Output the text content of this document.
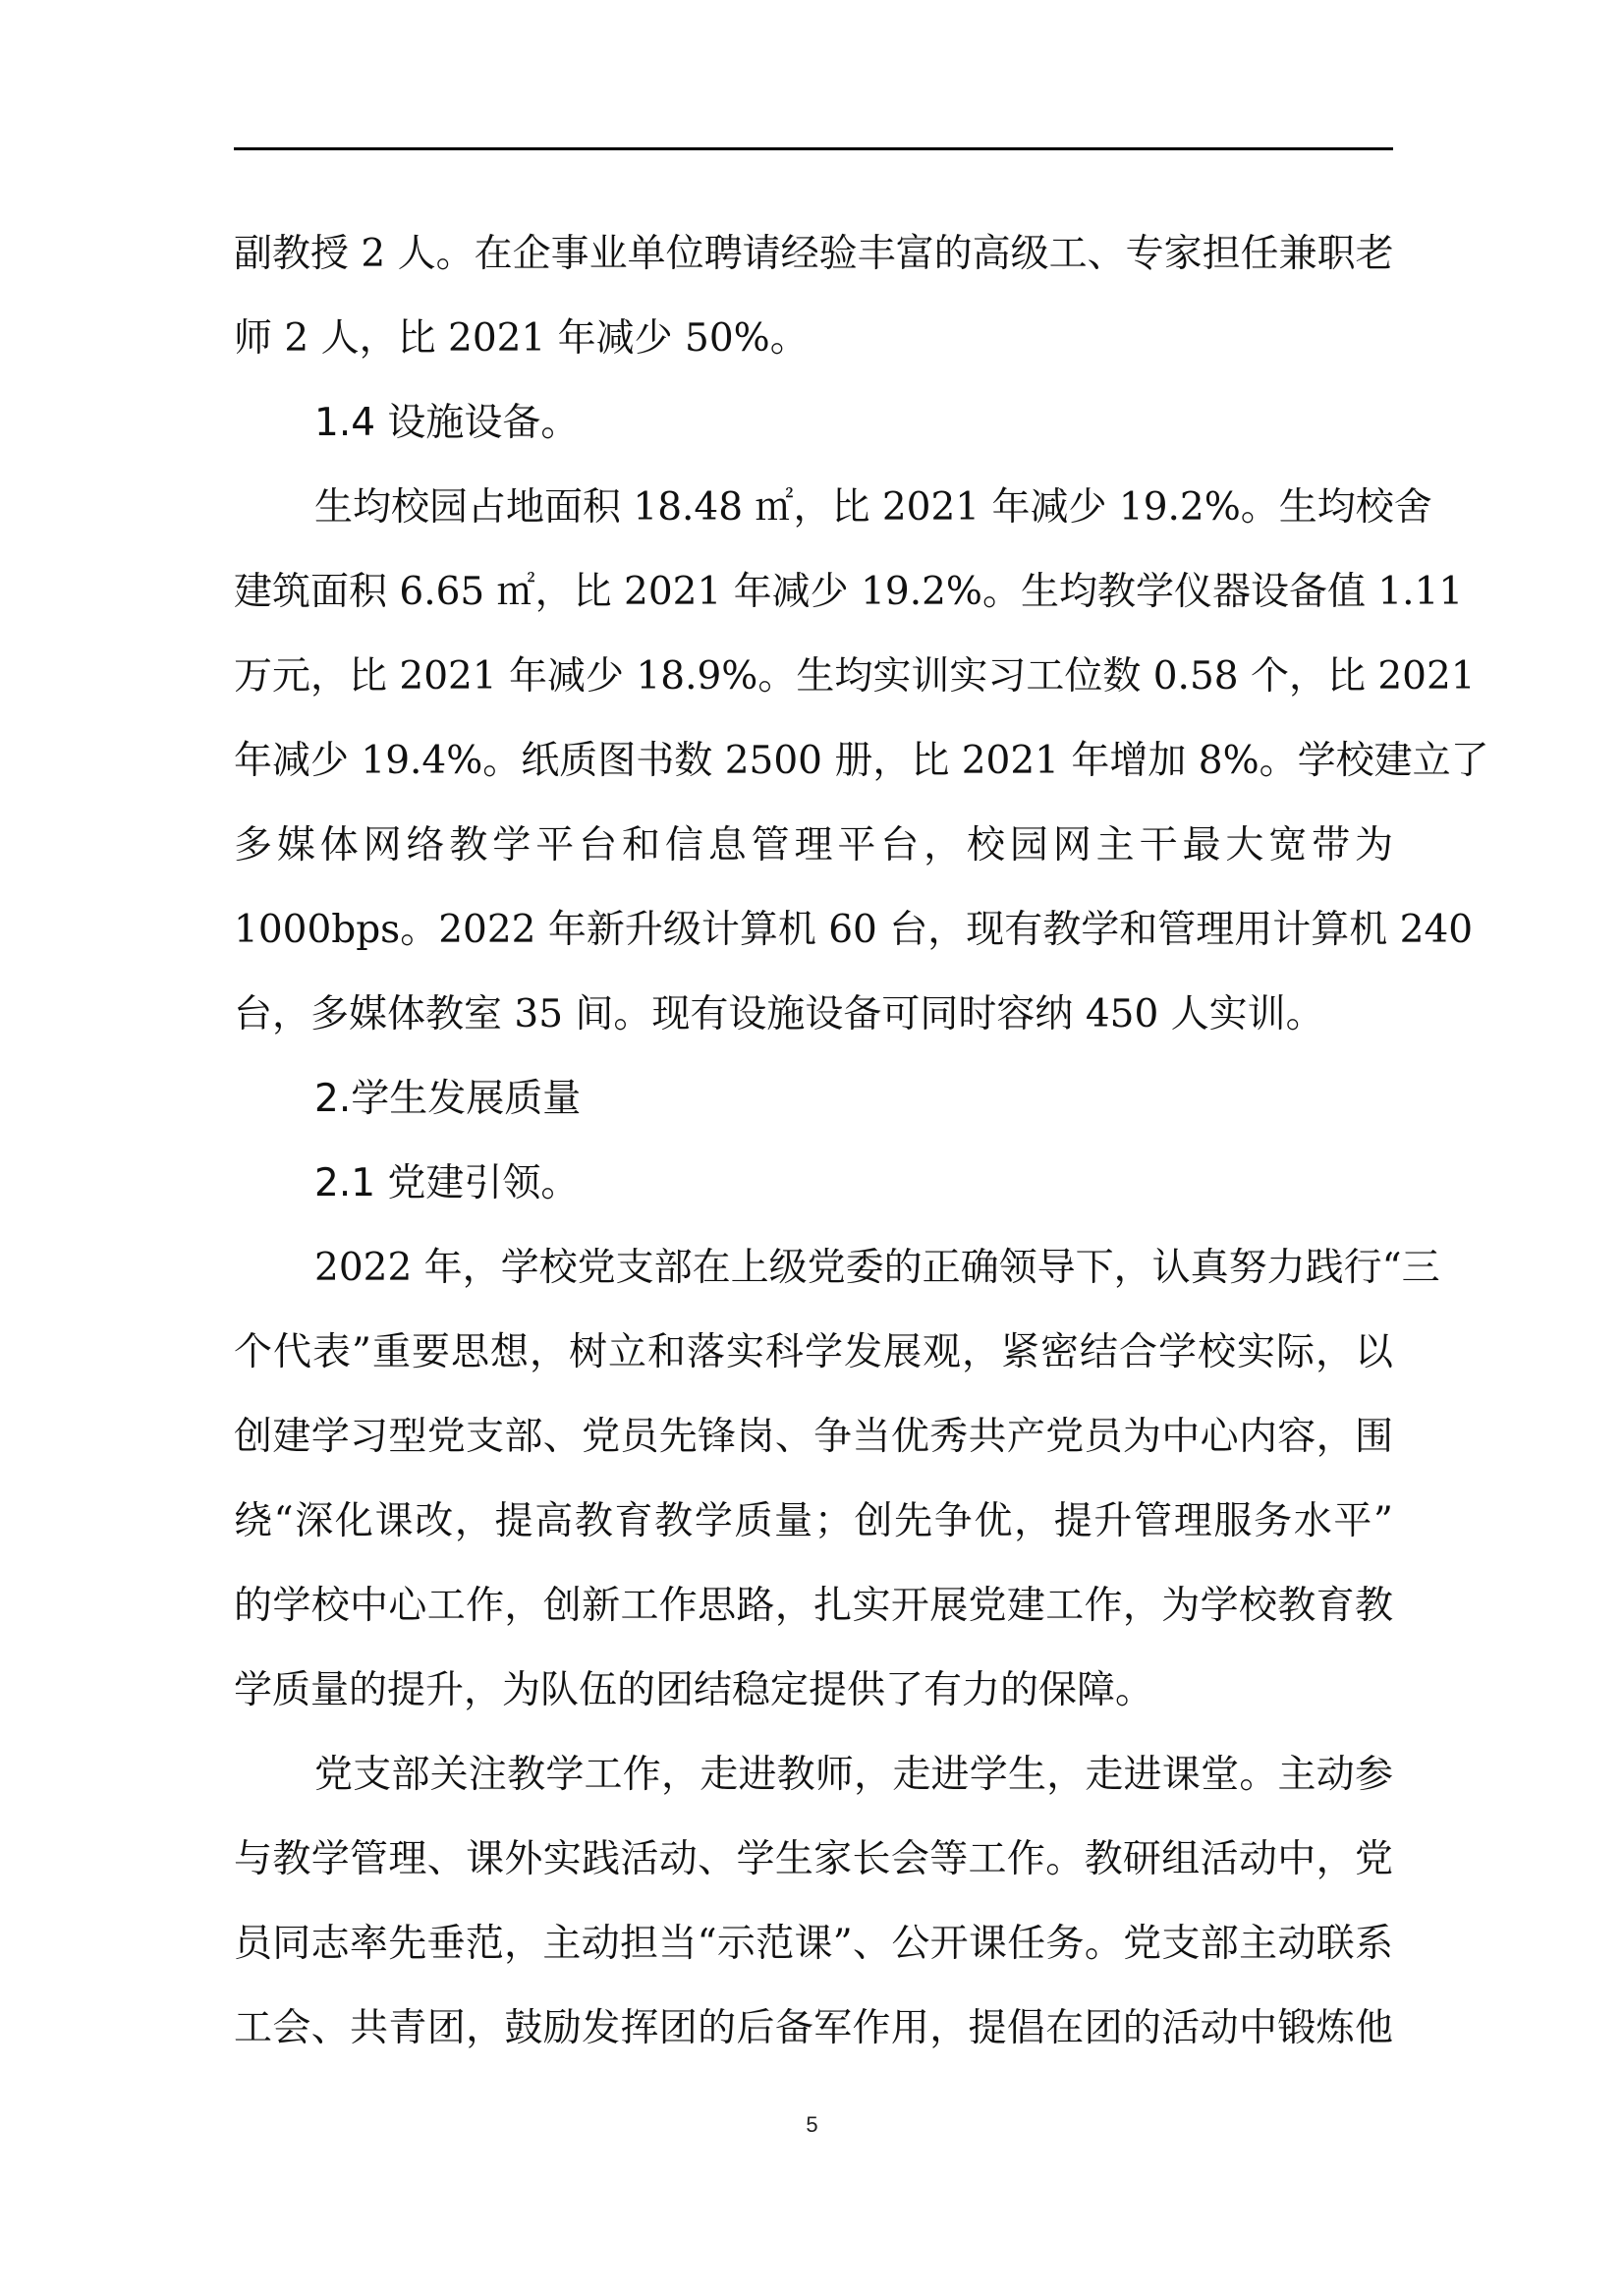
副教授 2 人。在企事业单位聘请经验丰富的高级工、专家担任兼职老
师 2 人，比 2021 年减少 50%。
1.4 设施设备。
生均校园占地面积 18.48 ㎡，比 2021 年减少 19.2%。生均校舍
建筑面积 6.65 ㎡，比 2021 年减少 19.2%。生均教学仪器设备值 1.11
万元，比 2021 年减少 18.9%。生均实训实习工位数 0.58 个，比 2021
年减少 19.4%。纸质图书数 2500 册，比 2021 年增加 8%。学校建立了
多媒体网络教学平台和信息管理平台，校园网主干最大宽带为
1000bps。2022 年新升级计算机 60 台，现有教学和管理用计算机 240
台，多媒体教室 35 间。现有设施设备可同时容纳 450 人实训。
2.学生发展质量
2.1 党建引领。
2022 年，学校党支部在上级党委的正确领导下，认真努力践行“三
个代表”重要思想，树立和落实科学发展观，紧密结合学校实际，以
创建学习型党支部、党员先锋岗、争当优秀共产党员为中心内容，围
绕“深化课改，提高教育教学质量；创先争优，提升管理服务水平”
的学校中心工作，创新工作思路，扎实开展党建工作，为学校教育教
学质量的提升，为队伍的团结稳定提供了有力的保障。
党支部关注教学工作，走进教师，走进学生，走进课堂。主动参
与教学管理、课外实践活动、学生家长会等工作。教研组活动中，党
员同志率先垂范，主动担当“示范课”、公开课任务。党支部主动联系
工会、共青团，鼓励发挥团的后备军作用，提倡在团的活动中锻炼他
5
